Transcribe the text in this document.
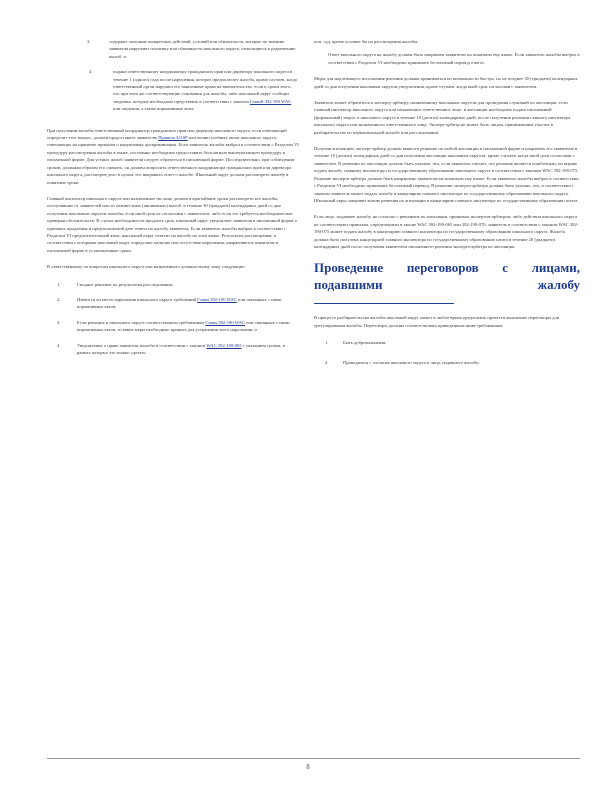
3.	содержит описание конкретных действий, условий или обязательств, которые по мнению заявителя нарушают политику или обязанности школьного округа, относящиеся к разрешению жалоб, и
4.	подана ответственному координатору гражданских прав или директору школьного округа в течение 1 (одного) года после нарушения, которое предполагает жалоба, кроме случаев, когда ответственный орган нарушил его заявленные права на вмешательство, если в сроки этого, что при этом же соответствующие основания для жалобы, либо школьный округ сообщит сведения, которые необходимо представить в соответствии с законом Главой 392-190 WAC или сведения, а также нормативные акты.

При получении жалобы ответственный координатор гражданских прав или директор школьного округа, если отвечающий определит этот вопрос, должен предоставить заявителю Правила 3210P или копию учебных актов школьного округа, отвечающих на принятие приказов о нарушениях дискриминации. Если заявитель жалобы выбрал в соответствии с Разделом VI процедуру рассмотрения жалобы в языке, постоянно необходимо предоставить бесплатную вышеуказанную процедуру в письменной форме. Для устных жалоб заявителя следует обратиться в письменной форме. Последовательно, при соблюдении сроков, должным образом его оценить, он должен попросить ответственного координатора гражданских прав или директора школьного округа, рассмотрев дело в целом, его направить отчет о жалобе. Школьный округ должен рассмотреть жалобу в понятные сроки.

Главный инспектор школьного округа или назначенное им лицо должен в кратчайшие сроки рассмотреть все жалобы, поступившие от заявителей или от неизвестных (анонимных) жалоб, в течение 30 (тридцати) календарных дней со дня получения школьным округом жалобы, если иной срок не согласован с заявителем, либо если это требуется необходимостью проверки обстоятельств. В случае необходимости продлить срок, школьный округ уведомляет заявителя в письменной форме о причинах продления и предполагаемой дате ответа на жалобу заявителя. Если заявитель жалобы выбрал в соответствии с Разделом VI предпочтительный язык, школьный округ ответит на жалобу на этом языке. Результаты рассмотрения, в соответствии с которыми школьный округ определяет наличие или отсутствие нарушения, направляются заявителю в письменной форме в установленные сроки.

В ответственному по вопросам школьного округа или назначенного должностному лицу следующие:

1.	Сводное решение по результатам расследования;
2.	Имеются ли место нарушения школьного округа требований Главы 392-190 WAC или связанных с ними нормативных актов;
3.	Если решение и школьного округа соответствовали требованиям Главы 392-190 WAC или связанных с ними нормативных актов, то какие меры необходимо принять для устранения этого нарушения, и
4.	Уведомление о праве заявителя жалобы в соответствии с законом WAC 392-190-065 с указанием сроков, в рамках которых это можно сделать.

поп, суд, кроме условие бы на рассмотрения жалобы.

Ответ школьного округа на жалобу должен быть направлен заявителю на понятном ему языке. Если заявитель жалобы выбрал в соответствии с Разделом VI необходимо принимать бесплатный перевод ответа.

Меры для надлежащего исполнения решения должны приниматься по возможности быстро, но не позднее 30 (тридцати) календарных дней со дня получения школьным округом уведомления, кроме случаев, когда иной срок согласован с заявителем.

Заявитель может обратиться к эксперту-арбитру, назначенному школьным округом для проведения слушаний по апелляции, если главный инспектор школьного округа или назначенное ответственное лицо, в апелляции необходимо подать письменный (формальный) запрос в школьного округа в течение 10 (десяти) календарных дней, после получения решения главного инспектора школьного округа или назначенного ответственного лица. Эксперт-арбитр не может быть лицом, принимавшим участие в разбирательстве по первоначальной жалобе или расследовании.

Получив апелляцию, эксперт-арбитр должен вынести решение по любой апелляции в письменной форме и направить его заявителю в течение 10 (десяти) календарных дней со дня получения апелляции школьным округом, кроме случаев, когда иной срок согласован с заявителем. В решении по апелляции должно быть указано, что, если заявитель считает, что решение является ошибочным, он вправе подать жалобу главному инспектору по государственному образованию школьного округа в соответствии с законом WAC 392-190-075. Решение эксперта-арбитра должно быть направлено заявителю на понятном ему языке. Если заявитель жалобы выбрал в соответствии с Разделом VI необходимо принимать бесплатный перевод. В решении эксперта-арбитра должна быть указано, что, в соответствии с законом заявитель может подать жалобу в канцелярию главного инспектора по государственному образованию школьного округа. Школьный округ направит копию решения по апелляции в канцелярию главного инспектора по государственному образованию штата.

Если лицо, подавшее жалобу, не согласно с решением по апелляции, принятым экспертом-арбитром, либо действия школьного округа не соответствуют правилам, определенным в законе WAC 392-190-065 или 392-190-070, заявитель в соответствии с законом WAC 392-190-075 может подать жалобу в канцелярию главного инспектора по государственному образованию школьного округа. Жалоба должна быть получена канцелярией главного инспектора по государственному образованию штата в течение 20 (двадцати) календарных дней после получения заявителем письменного решения эксперта-арбитра по апелляции.

Проведение переговоров с лицами, подавшими жалобу

В процессе разбирательства жалобы школьный округ может в любое время предложить провести выяснение переговоры для урегулирования жалобы. Переговоры должны соответствовать приведенным ниже требованиям:

1.	Быть добровольными;
2.	Проводиться с согласия школьного округа и лица, подавшего жалобу;
8
